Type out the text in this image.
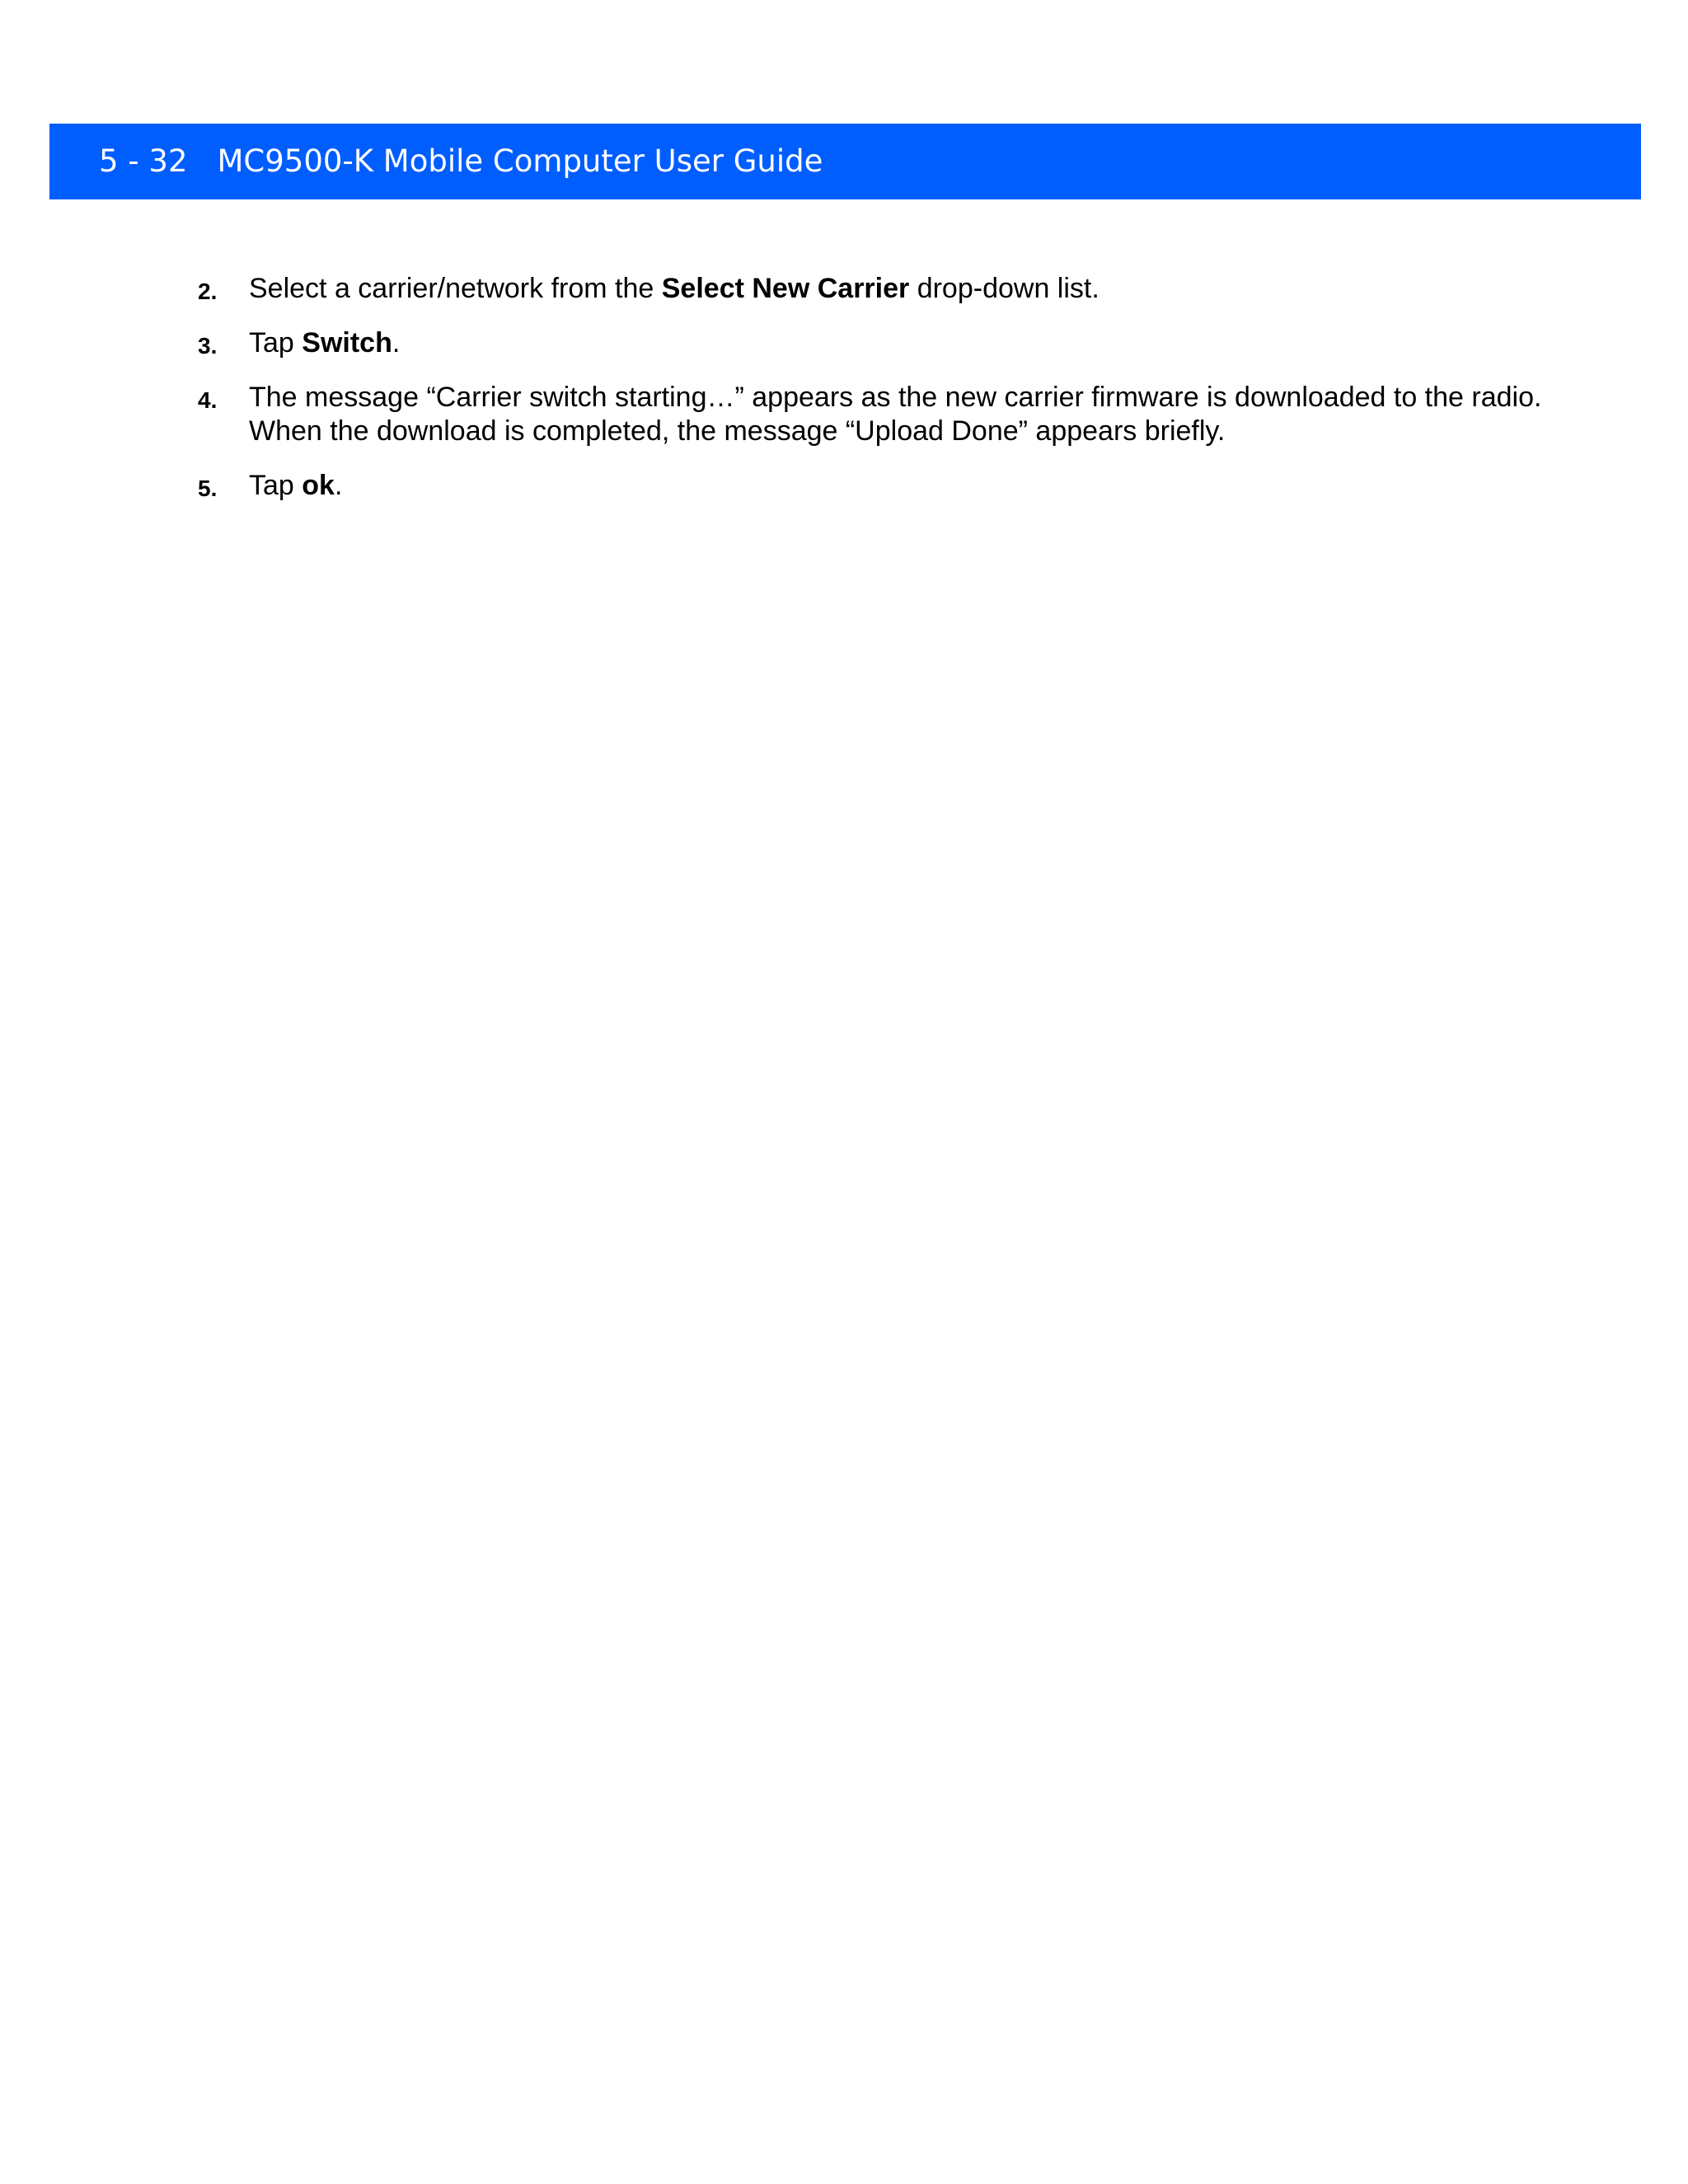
5 - 32 MC9500-K Mobile Computer User Guide
2. Select a carrier/network from the Select New Carrier drop-down list.
3. Tap Switch.
4. The message “Carrier switch starting…” appears as the new carrier firmware is downloaded to the radio. When the download is completed, the message “Upload Done” appears briefly.
5. Tap ok.
